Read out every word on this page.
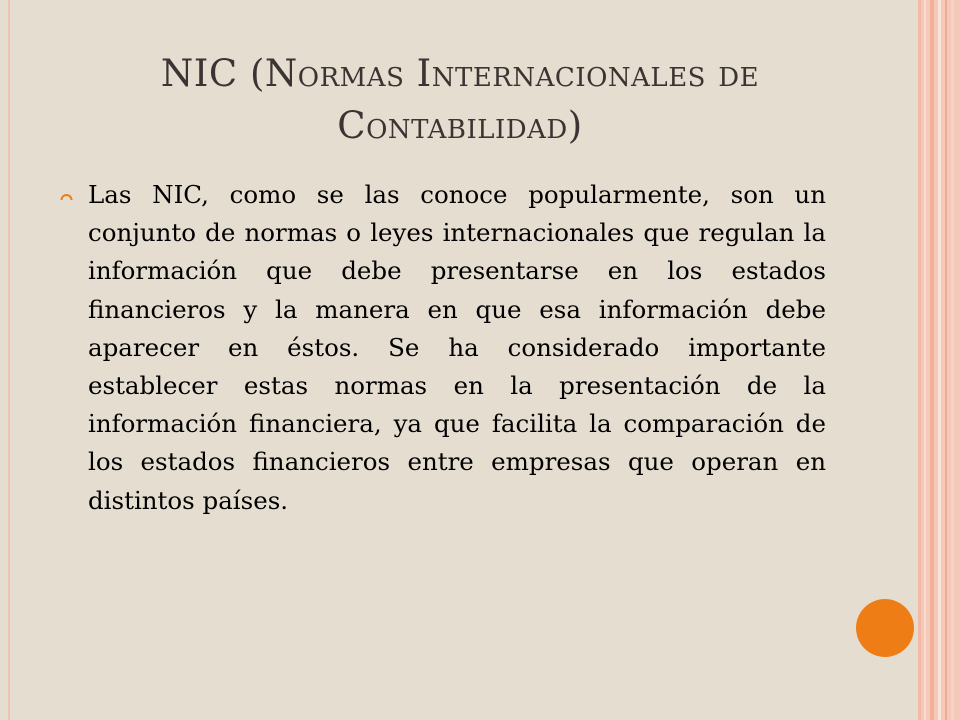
NIC (Normas Internacionales de Contabilidad)

Las NIC, como se las conoce popularmente, son un conjunto de normas o leyes internacionales que regulan la información que debe presentarse en los estados financieros y la manera en que esa información debe aparecer en éstos. Se ha considerado importante establecer estas normas en la presentación de la información financiera, ya que facilita la comparación de los estados financieros entre empresas que operan en distintos países.
